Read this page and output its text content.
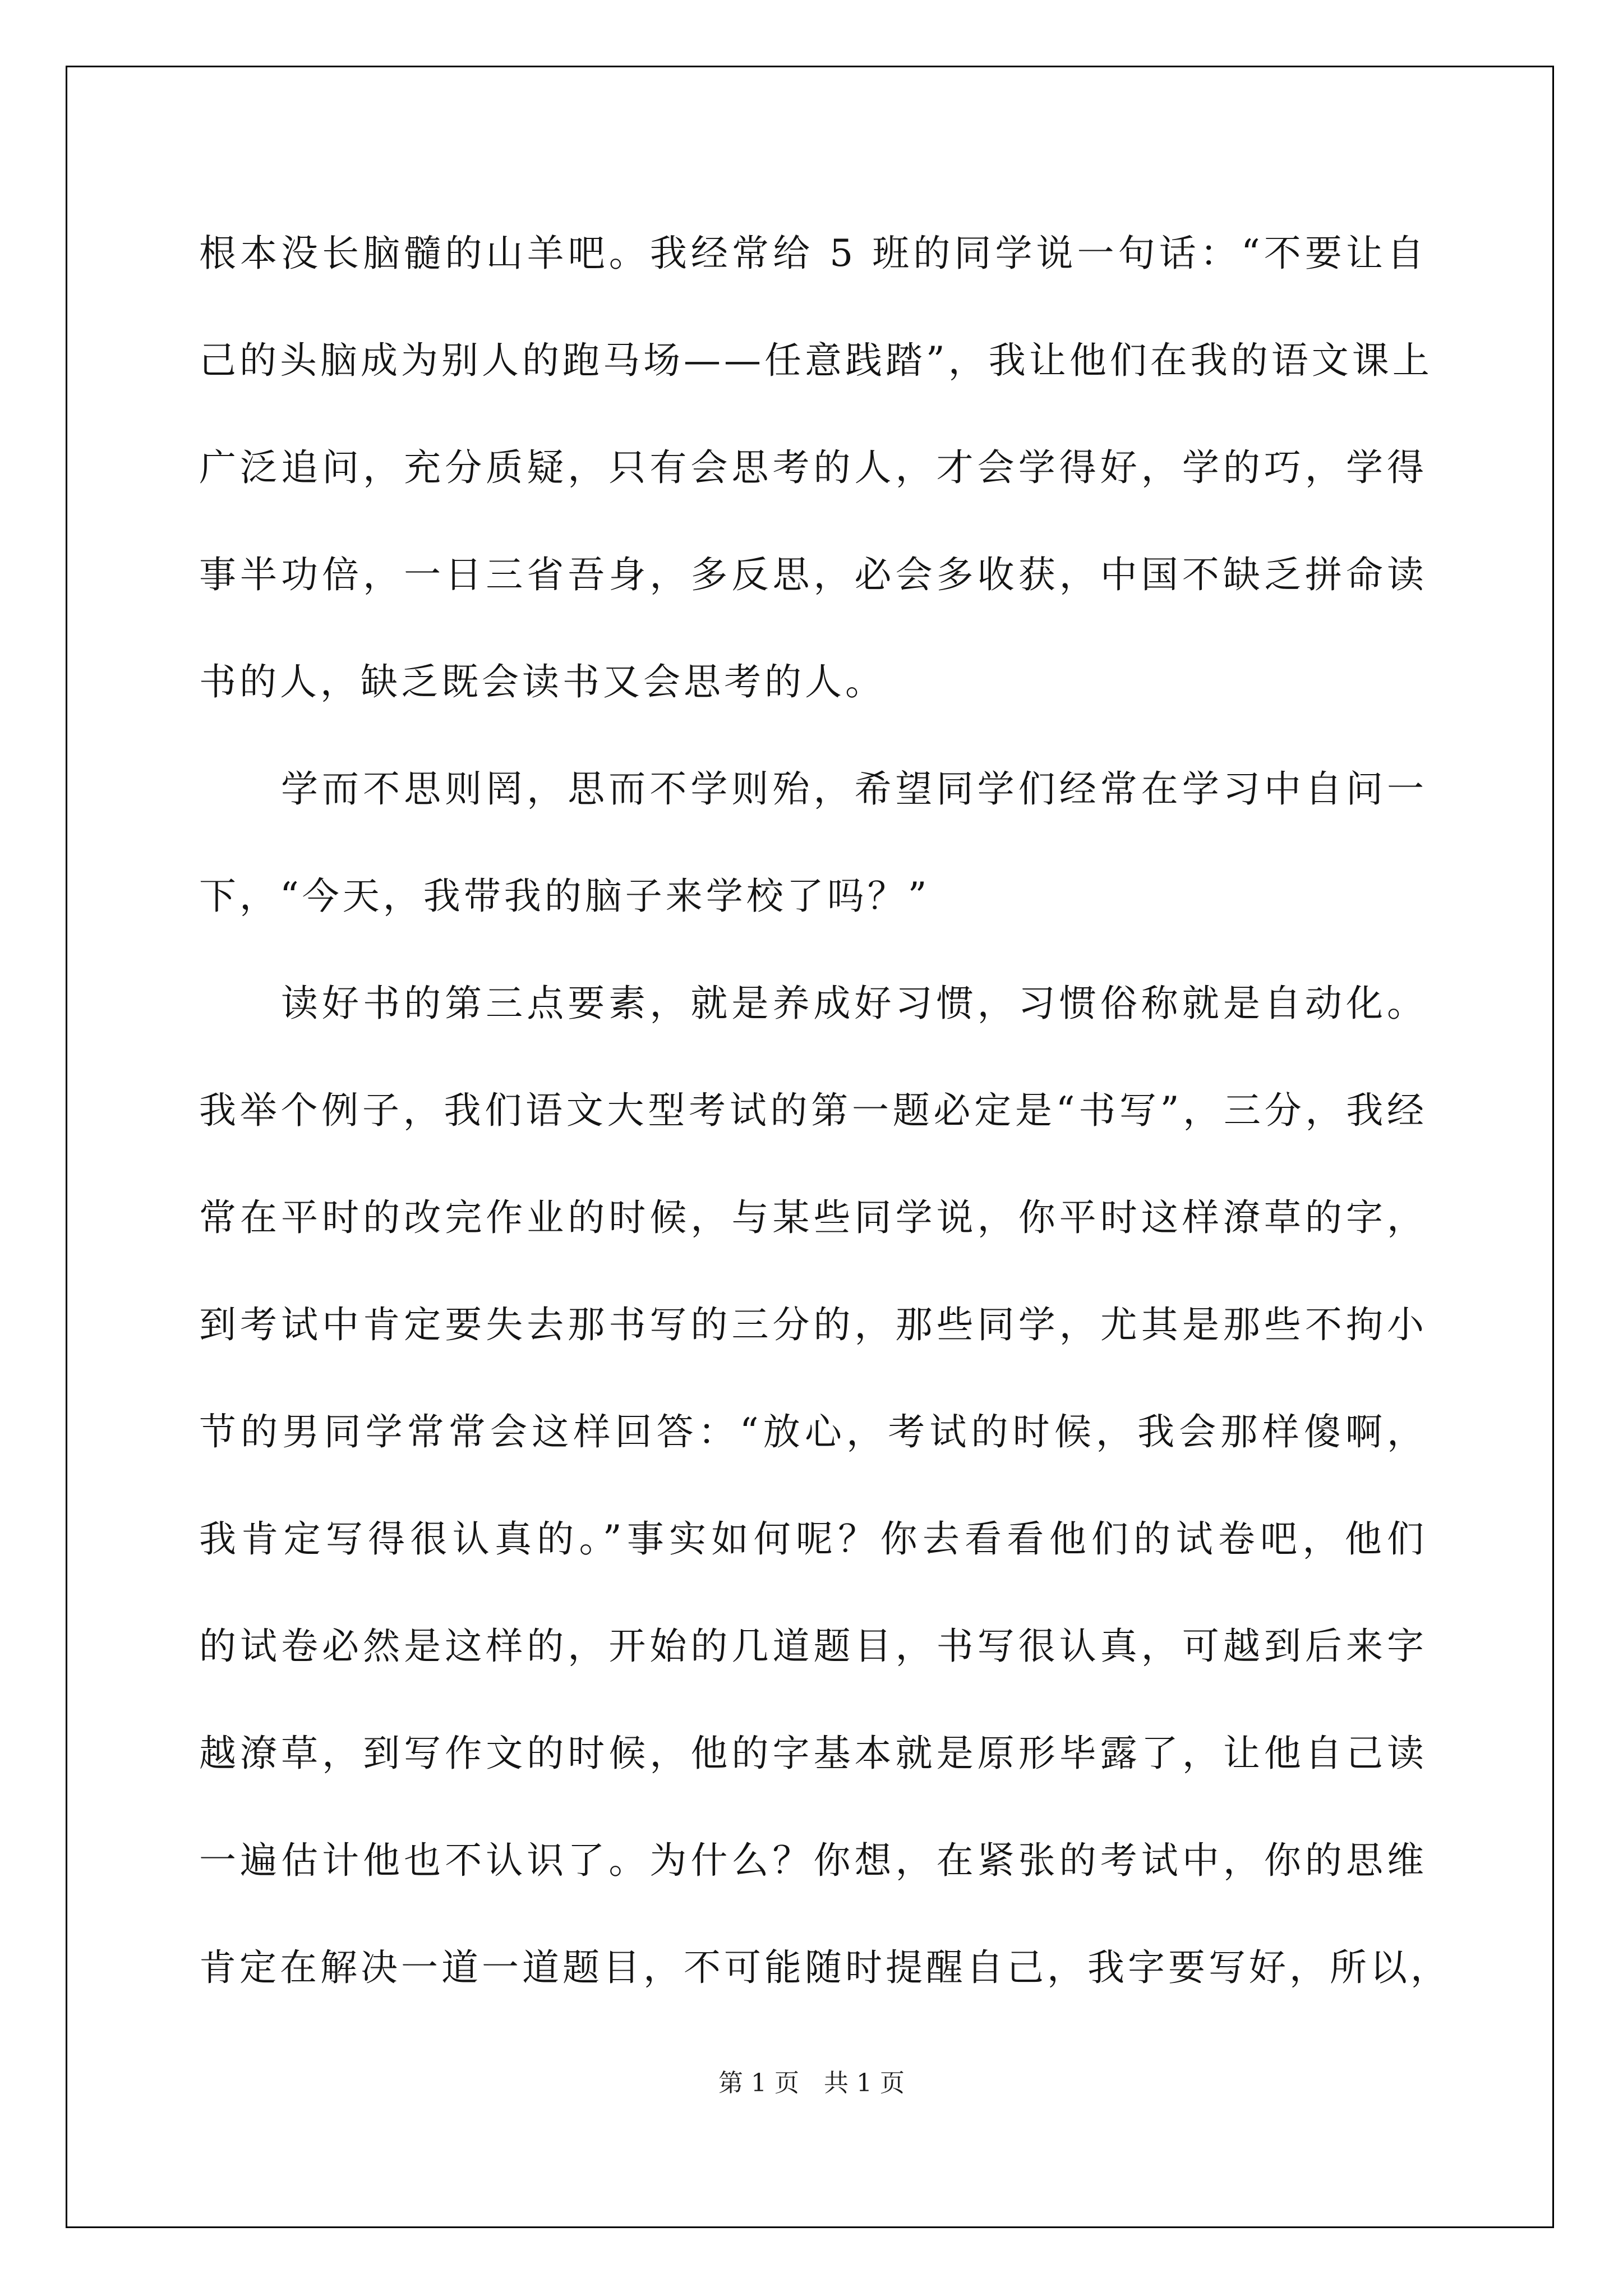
根本没长脑髓的山羊吧。我经常给 5 班的同学说一句话：“不要让自
己的头脑成为别人的跑马场——任意践踏”，我让他们在我的语文课上
广泛追问，充分质疑，只有会思考的人，才会学得好，学的巧，学得
事半功倍，一日三省吾身，多反思，必会多收获，中国不缺乏拼命读
书的人，缺乏既会读书又会思考的人。
学而不思则罔，思而不学则殆，希望同学们经常在学习中自问一
下，“今天，我带我的脑子来学校了吗？”
读好书的第三点要素，就是养成好习惯，习惯俗称就是自动化。
我举个例子，我们语文大型考试的第一题必定是“书写”，三分，我经
常在平时的改完作业的时候，与某些同学说，你平时这样潦草的字，
到考试中肯定要失去那书写的三分的，那些同学，尤其是那些不拘小
节的男同学常常会这样回答：“放心，考试的时候，我会那样傻啊，
我肯定写得很认真的。”事实如何呢？你去看看他们的试卷吧，他们
的试卷必然是这样的，开始的几道题目，书写很认真，可越到后来字
越潦草，到写作文的时候，他的字基本就是原形毕露了，让他自己读
一遍估计他也不认识了。为什么？你想，在紧张的考试中，你的思维
肯定在解决一道一道题目，不可能随时提醒自己，我字要写好，所以，
第 1 页 共 1 页
